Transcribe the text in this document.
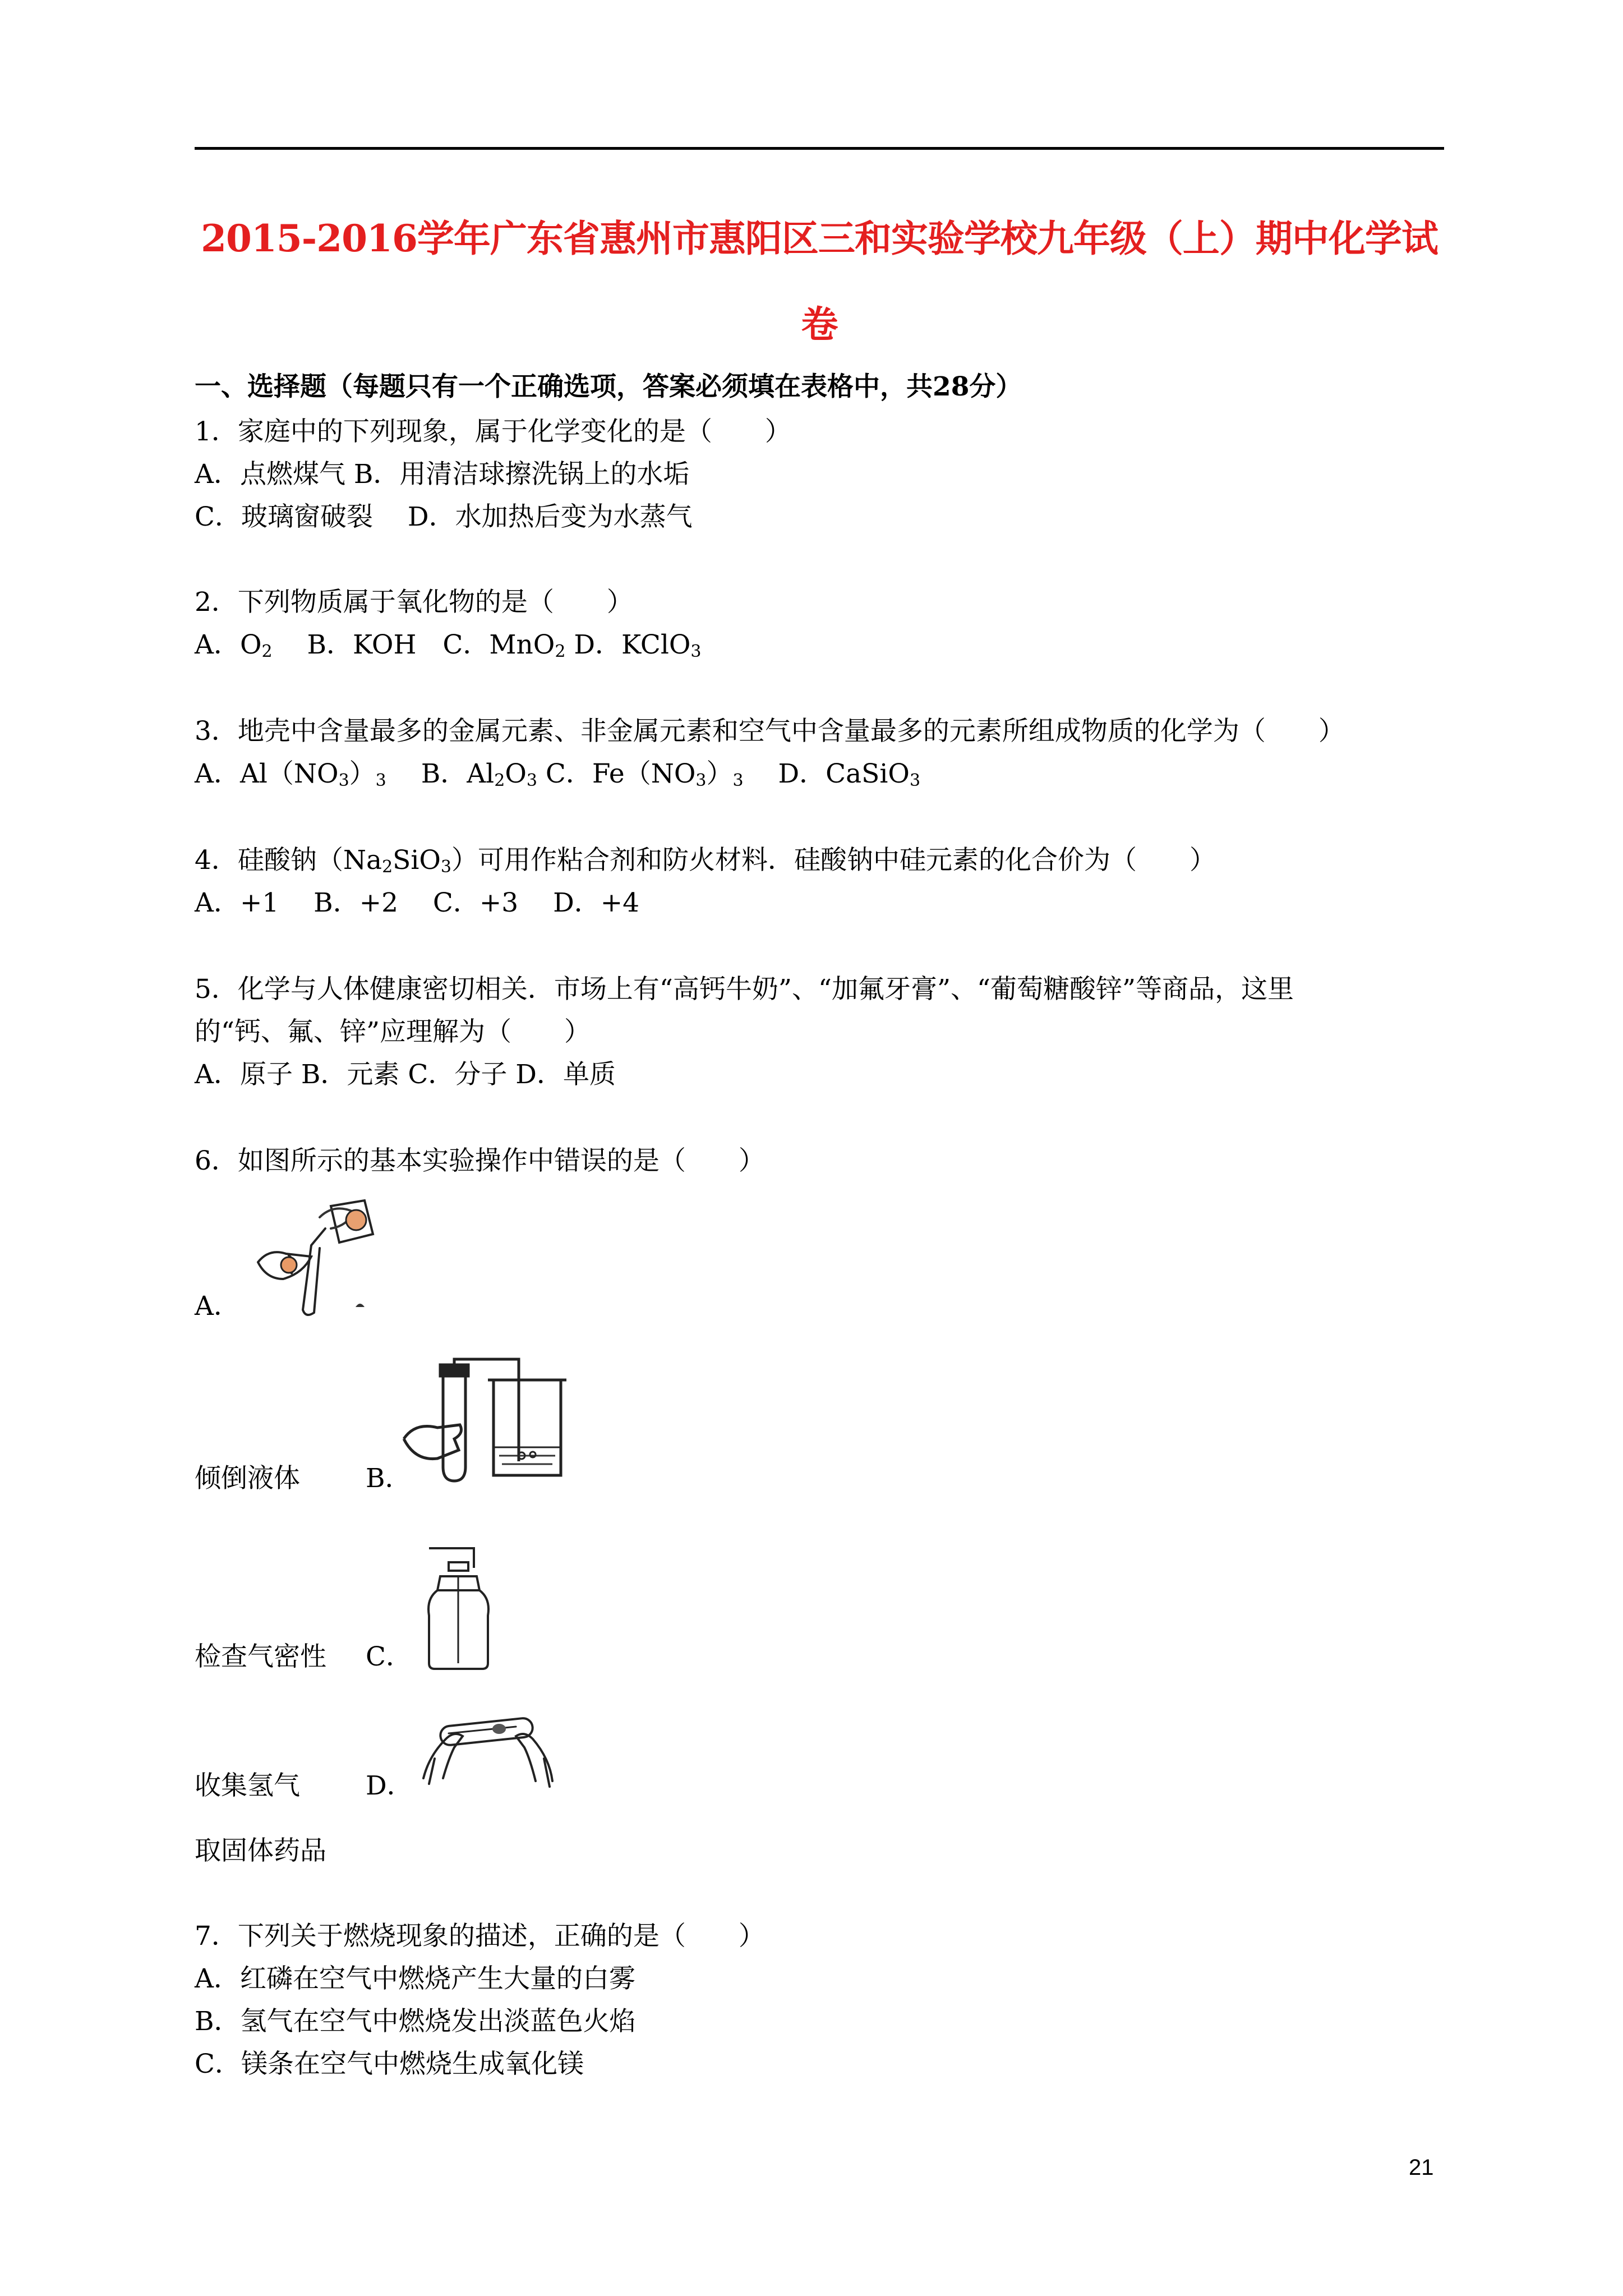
2015-2016学年广东省惠州市惠阳区三和实验学校九年级（上）期中化学试
卷
一、选择题（每题只有一个正确选项，答案必须填在表格中，共28分）
1．家庭中的下列现象，属于化学变化的是（　　）
A．点燃煤气 B．用清洁球擦洗锅上的水垢
C．玻璃窗破裂　 D．水加热后变为水蒸气
2．下列物质属于氧化物的是（　　）
A．$O_2$　 B．KOH　C．MnO$_2$ D．KClO$_3$
3．地壳中含量最多的金属元素、非金属元素和空气中含量最多的元素所组成物质的化学为（　　）
A．$Al(NO_3)_3$　 B．$Al_2O_3$ C．$Fe(NO_3)_3$　 D．CaSiO$_3$
4．硅酸钠$(Na_2SiO_3)$可用作粘合剂和防火材料．硅酸钠中硅元素的化合价为（　　）
A．+1　 B．+2　 C．+3　 D．+4
5．化学与人体健康密切相关．市场上有“高钙牛奶”、“加氟牙膏”、“葡萄糖酸锌”等商品，这里
的“钙、氟、锌”应理解为（　　）
A．原子 B．元素 C．分子 D．单质
6．如图所示的基本实验操作中错误的是（　　）
A．
倾倒液体 B．
检查气密性 C．
收集氢气 D．
取固体药品
7．下列关于燃烧现象的描述，正确的是（　　）
A．红磷在空气中燃烧产生大量的白雾
B．氢气在空气中燃烧发出淡蓝色火焰
C．镁条在空气中燃烧生成氧化镁
21
